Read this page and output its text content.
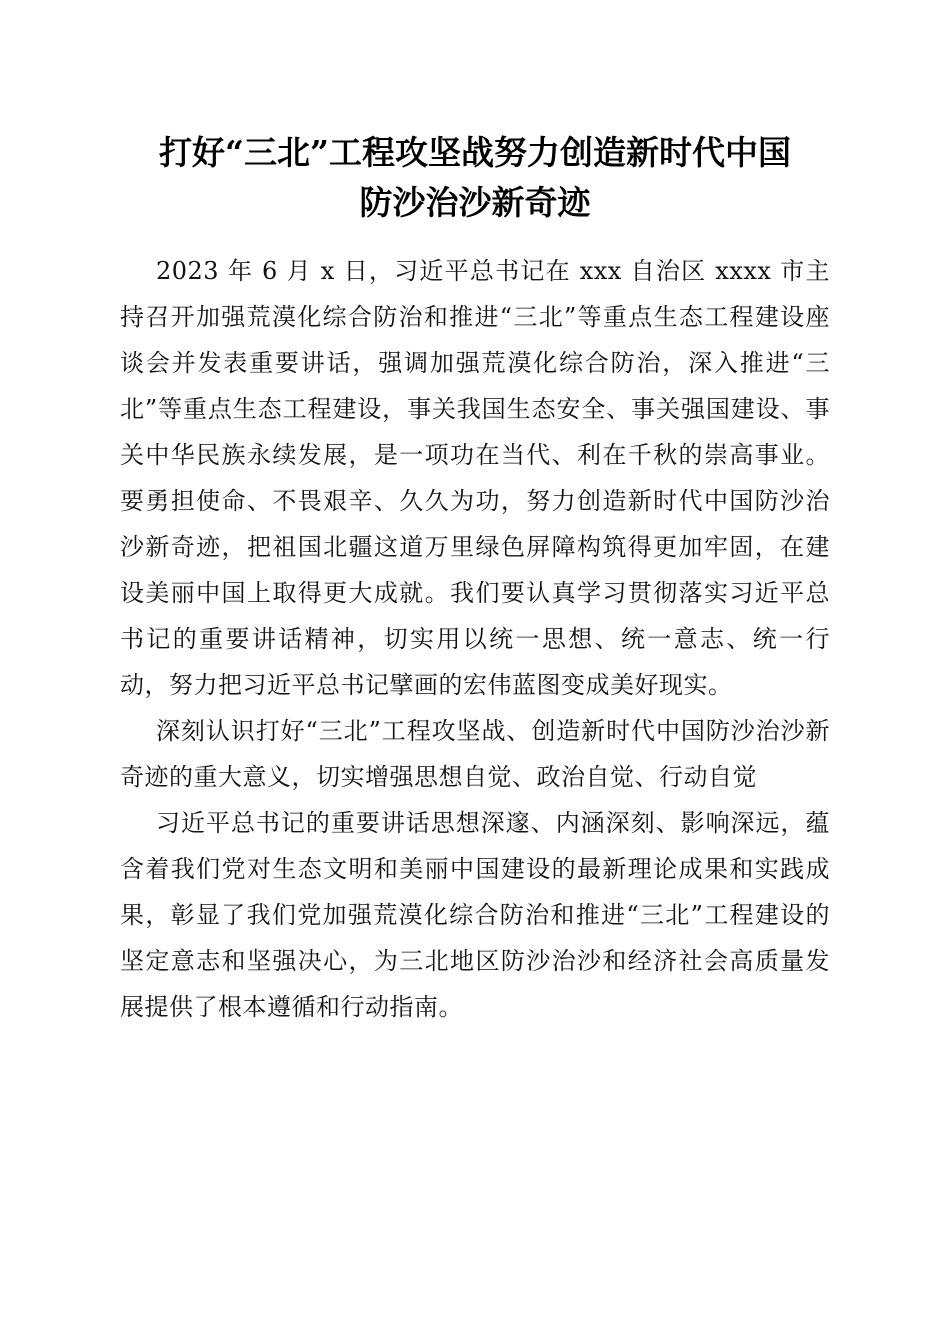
打好“三北”工程攻坚战努力创造新时代中国
防沙治沙新奇迹

2023 年 6 月 x 日，习近平总书记在 xxx 自治区 xxxx 市主持召开加强荒漠化综合防治和推进“三北”等重点生态工程建设座谈会并发表重要讲话，强调加强荒漠化综合防治，深入推进“三北”等重点生态工程建设，事关我国生态安全、事关强国建设、事关中华民族永续发展，是一项功在当代、利在千秋的崇高事业。要勇担使命、不畏艰辛、久久为功，努力创造新时代中国防沙治沙新奇迹，把祖国北疆这道万里绿色屏障构筑得更加牢固，在建设美丽中国上取得更大成就。我们要认真学习贯彻落实习近平总书记的重要讲话精神，切实用以统一思想、统一意志、统一行动，努力把习近平总书记擘画的宏伟蓝图变成美好现实。

深刻认识打好“三北”工程攻坚战、创造新时代中国防沙治沙新奇迹的重大意义，切实增强思想自觉、政治自觉、行动自觉

习近平总书记的重要讲话思想深邃、内涵深刻、影响深远，蕴含着我们党对生态文明和美丽中国建设的最新理论成果和实践成果，彰显了我们党加强荒漠化综合防治和推进“三北”工程建设的坚定意志和坚强决心，为三北地区防沙治沙和经济社会高质量发展提供了根本遵循和行动指南。
